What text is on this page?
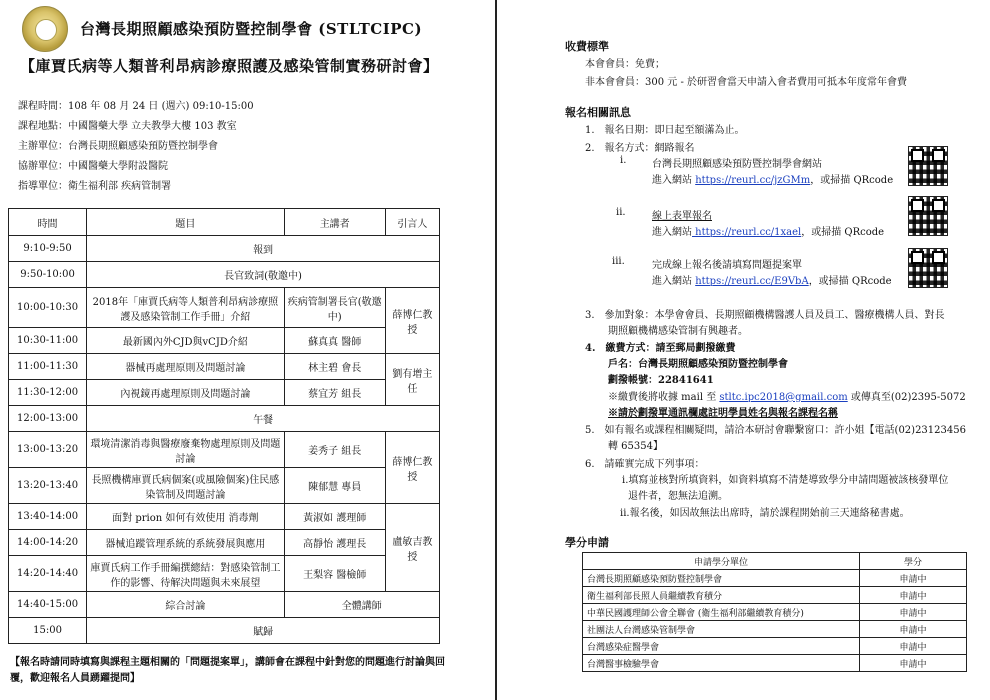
台灣長期照顧感染預防暨控制學會 (STLTCIPC)
【庫賈氏病等人類普利昂病診療照護及感染管制實務研討會】
課程時間：108 年 08 月 24 日 (週六) 09:10-15:00
課程地點：中國醫藥大學 立夫教學大樓 103 教室
主辦單位：台灣長期照顧感染預防暨控制學會
協辦單位：中國醫藥大學附設醫院
指導單位：衛生福利部 疾病管制署
時間	題目	主講者	引言人
9:10-9:50	報到		
9:50-10:00	長官致詞(敬邀中)		
10:00-10:30	2018年「庫賈氏病等人類普利昂病診療照護及感染管制工作手冊」介紹	疾病管制署長官(敬邀中)	薛博仁教授
10:30-11:00	最新國內外CJD與vCJD介紹	蘇真真 醫師	
11:00-11:30	器械再處理原則及問題討論	林主碧 會長	劉有增主任
11:30-12:00	內視鏡再處理原則及問題討論	蔡宜芳 組長	
12:00-13:00	午餐		
13:00-13:20	環境清潔消毒與醫療廢棄物處理原則及問題討論	姜秀子 組長	薛博仁教授
13:20-13:40	長照機構庫賈氏病個案(或風險個案)住民感染管制及問題討論	陳郁慧 專員	
13:40-14:00	面對 prion 如何有效使用 消毒劑	黃淑如 護理師	盧敏吉教授
14:00-14:20	器械追蹤管理系統的系統發展與應用	高靜怡 護理長	
14:20-14:40	庫賈氏病工作手冊編撰總結：對感染管制工作的影響、待解決問題與未來展望	王梨容 醫檢師	
14:40-15:00	綜合討論	全體講師	
15:00	賦歸		
【報名時請同時填寫與課程主題相關的「問題提案單」，講師會在課程中針對您的問題進行討論與回覆，歡迎報名人員踴躍提問】
收費標準
本會會員：免費；
非本會會員：300 元 - 於研習會當天申請入會者費用可抵本年度常年會費
報名相關訊息
1.　報名日期：即日起至額滿為止。
2.　報名方式：網路報名
i.	台灣長期照顧感染預防暨控制學會網站
進入網站 https://reurl.cc/jzGMm，或掃描 QRcode
ii.	線上表單報名
進入網站 https://reurl.cc/1xael，或掃描 QRcode
iii.	完成線上報名後請填寫問題提案單
進入網站 https://reurl.cc/E9VbA，或掃描 QRcode
3.　參加對象：本學會會員、長期照顧機構醫護人員及員工、醫療機構人員、對長
期照顧機構感染管制有興趣者。
4.　繳費方式：請至郵局劃撥繳費
戶名：台灣長期照顧感染預防暨控制學會
劃撥帳號：22841641
※繳費後將收據 mail 至 stltc.ipc2018@gmail.com 或傳真至(02)2395-5072
※請於劃撥單通訊欄處註明學員姓名與報名課程名稱
5.　如有報名或課程相關疑問，請洽本研討會聯繫窗口：許小姐【電話(02)23123456
轉 65354】
6.　請確實完成下列事項：
i.填寫並核對所填資料，如資料填寫不清楚導致學分申請問題被該核發單位
退件者，恕無法追溯。
ii.報名後，如因故無法出席時，請於課程開始前三天連絡秘書處。
學分申請
申請學分單位	學分
台灣長期照顧感染預防暨控制學會	申請中
衛生福利部長照人員繼續教育積分	申請中
中華民國護理師公會全聯會 (衛生福利部繼續教育積分)	申請中
社團法人台灣感染管制學會	申請中
台灣感染症醫學會	申請中
台灣醫事檢驗學會	申請中
